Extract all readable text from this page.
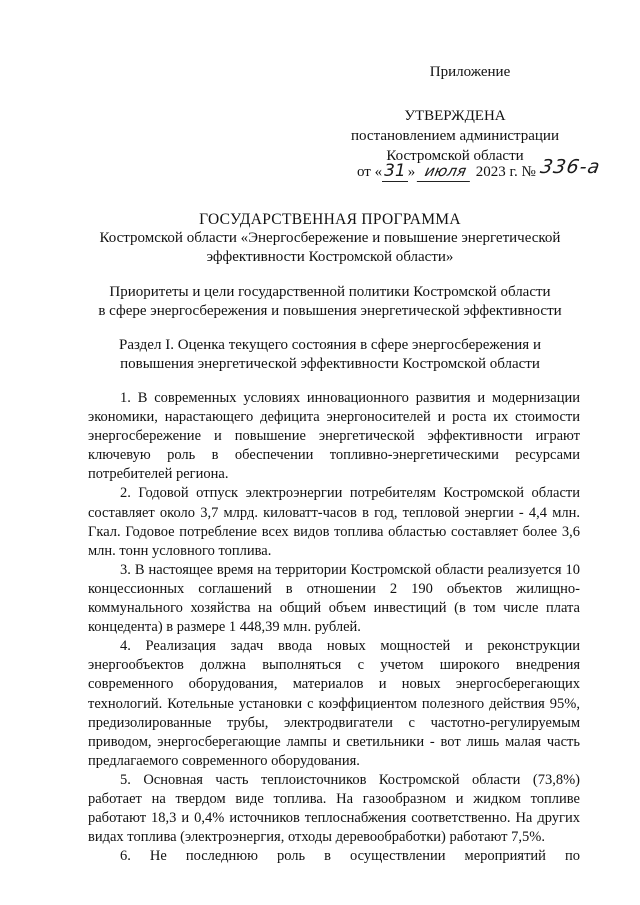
Приложение
УТВЕРЖДЕНА
постановлением администрации
Костромской области
от « 31 » июля 2023 г. № 336-а
ГОСУДАРСТВЕННАЯ ПРОГРАММА
Костромской области «Энергосбережение и повышение энергетической
эффективности Костромской области»
Приоритеты и цели государственной политики Костромской области
в сфере энергосбережения и повышения энергетической эффективности
Раздел I. Оценка текущего состояния в сфере энергосбережения и
повышения энергетической эффективности Костромской области

1. В современных условиях инновационного развития и модернизации экономики, нарастающего дефицита энергоносителей и роста их стоимости энергосбережение и повышение энергетической эффективности играют ключевую роль в обеспечении топливно-энергетическими ресурсами потребителей региона.

2. Годовой отпуск электроэнергии потребителям Костромской области составляет около 3,7 млрд. киловатт-часов в год, тепловой энергии - 4,4 млн. Гкал. Годовое потребление всех видов топлива областью составляет более 3,6 млн. тонн условного топлива.

3. В настоящее время на территории Костромской области реализуется 10 концессионных соглашений в отношении 2 190 объектов жилищно-коммунального хозяйства на общий объем инвестиций (в том числе плата концедента) в размере 1 448,39 млн. рублей.

4. Реализация задач ввода новых мощностей и реконструкции энергообъектов должна выполняться с учетом широкого внедрения современного оборудования, материалов и новых энергосберегающих технологий. Котельные установки с коэффициентом полезного действия 95%, предизолированные трубы, электродвигатели с частотно-регулируемым приводом, энергосберегающие лампы и светильники - вот лишь малая часть предлагаемого современного оборудования.

5. Основная часть теплоисточников Костромской области (73,8%) работает на твердом виде топлива. На газообразном и жидком топливе работают 18,3 и 0,4% источников теплоснабжения соответственно. На других видах топлива (электроэнергия, отходы деревообработки) работают 7,5%.

6. Не последнюю роль в осуществлении мероприятий по
